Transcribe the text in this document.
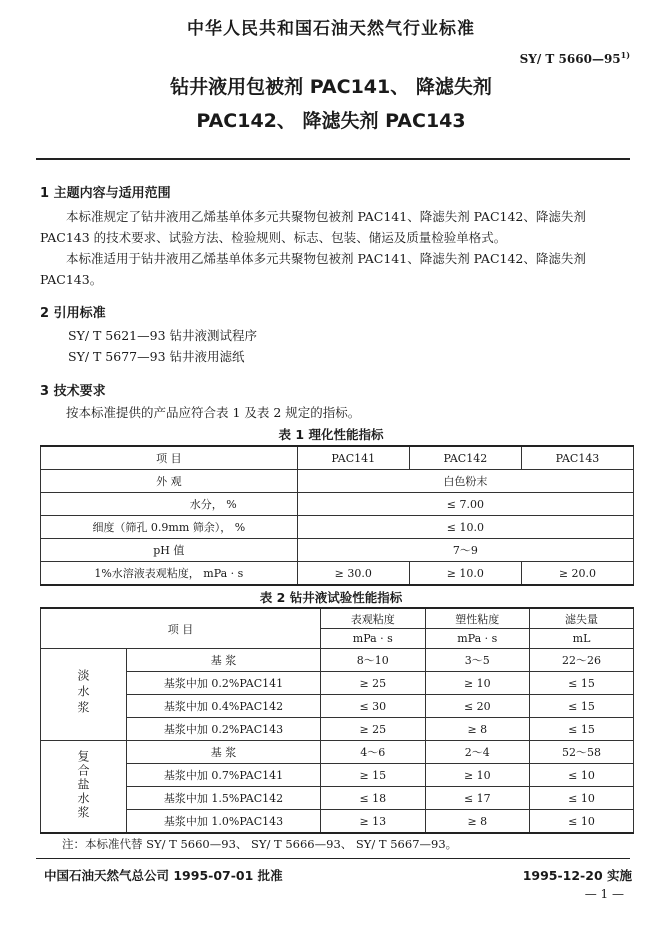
中华人民共和国石油天然气行业标准
SY/ T 5660—95$^{1)}$
钻井液用包被剂 PAC141、 降滤失剂
PAC142、 降滤失剂 PAC143
1 主题内容与适用范围
本标准规定了钻井液用乙烯基单体多元共聚物包被剂 PAC141、降滤失剂 PAC142、降滤失剂 PAC143 的技术要求、试验方法、检验规则、标志、包装、储运及质量检验单格式。
本标准适用于钻井液用乙烯基单体多元共聚物包被剂 PAC141、降滤失剂 PAC142、降滤失剂 PAC143。
2 引用标准
SY/ T 5621—93 钻井液测试程序
SY/ T 5677—93 钻井液用滤纸
3 技术要求
按本标准提供的产品应符合表 1 及表 2 规定的指标。
表 1 理化性能指标
项 目	PAC141	PAC142	PAC143
外 观	白色粉末		
水分， %	≤ 7.00		
细度（筛孔 0.9mm 筛余）， %	≤ 10.0		
pH 值	7～9		
1%水溶液表观粘度， mPa · s	≥ 30.0	≥ 10.0	≥ 20.0
表 2 钻井液试验性能指标
项 目		表观粘度	塑性粘度	滤失量
		mPa · s	mPa · s	mL
淡水浆	基 浆	8～10	3～5	22～26
	基浆中加 0.2%PAC141	≥ 25	≥ 10	≤ 15
	基浆中加 0.4%PAC142	≤ 30	≤ 20	≤ 15
	基浆中加 0.2%PAC143	≥ 25	≥ 8	≤ 15
复合盐水浆	基 浆	4～6	2～4	52～58
	基浆中加 0.7%PAC141	≥ 15	≥ 10	≤ 10
	基浆中加 1.5%PAC142	≤ 18	≤ 17	≤ 10
	基浆中加 1.0%PAC143	≥ 13	≥ 8	≤ 10
注：本标准代替 SY/ T 5660—93、 SY/ T 5666—93、 SY/ T 5667—93。
中国石油天然气总公司 1995-07-01 批准	1995-12-20 实施
— 1 —
